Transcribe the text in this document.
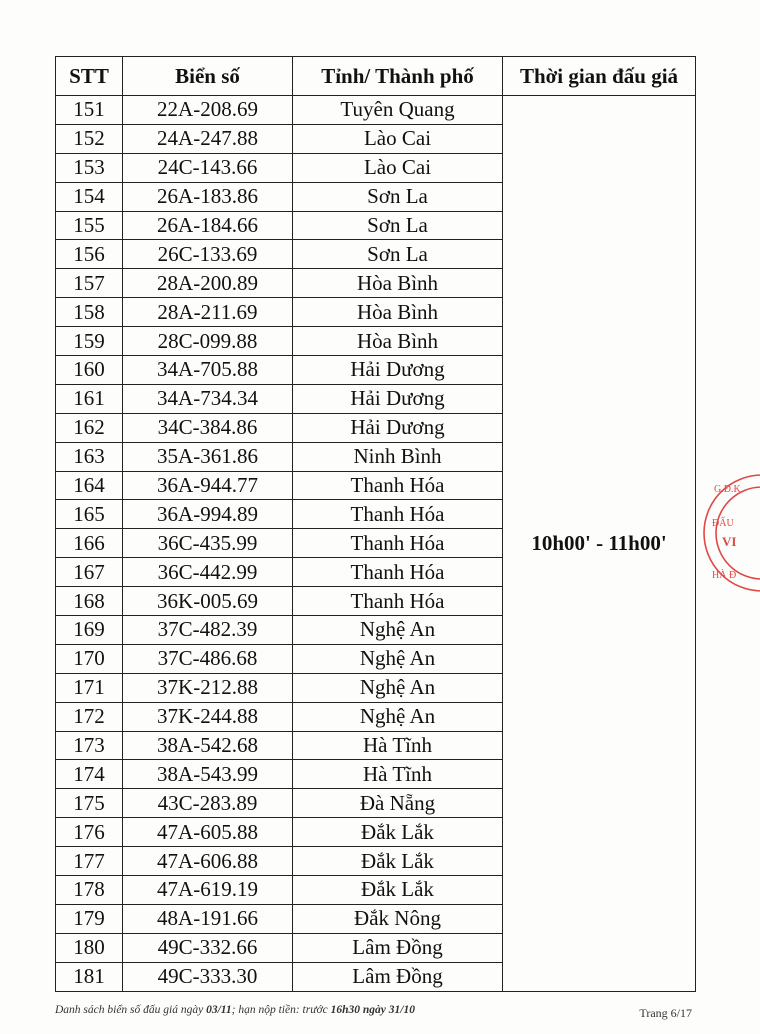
STT	Biển số	Tỉnh/ Thành phố	Thời gian đấu giá
151	22A-208.69	Tuyên Quang	10h00' - 11h00'
152	24A-247.88	Lào Cai	
153	24C-143.66	Lào Cai	
154	26A-183.86	Sơn La	
155	26A-184.66	Sơn La	
156	26C-133.69	Sơn La	
157	28A-200.89	Hòa Bình	
158	28A-211.69	Hòa Bình	
159	28C-099.88	Hòa Bình	
160	34A-705.88	Hải Dương	
161	34A-734.34	Hải Dương	
162	34C-384.86	Hải Dương	
163	35A-361.86	Ninh Bình	
164	36A-944.77	Thanh Hóa	
165	36A-994.89	Thanh Hóa	
166	36C-435.99	Thanh Hóa	
167	36C-442.99	Thanh Hóa	
168	36K-005.69	Thanh Hóa	
169	37C-482.39	Nghệ An	
170	37C-486.68	Nghệ An	
171	37K-212.88	Nghệ An	
172	37K-244.88	Nghệ An	
173	38A-542.68	Hà Tĩnh	
174	38A-543.99	Hà Tĩnh	
175	43C-283.89	Đà Nẵng	
176	47A-605.88	Đắk Lắk	
177	47A-606.88	Đắk Lắk	
178	47A-619.19	Đắk Lắk	
179	48A-191.66	Đắk Nông	
180	49C-332.66	Lâm Đồng	
181	49C-333.30	Lâm Đồng	
Danh sách biển số đấu giá ngày 03/11; hạn nộp tiền: trước 16h30 ngày 31/10	Trang 6/17
G.Đ.K.
ĐẤU
VI
HÀ Đ
